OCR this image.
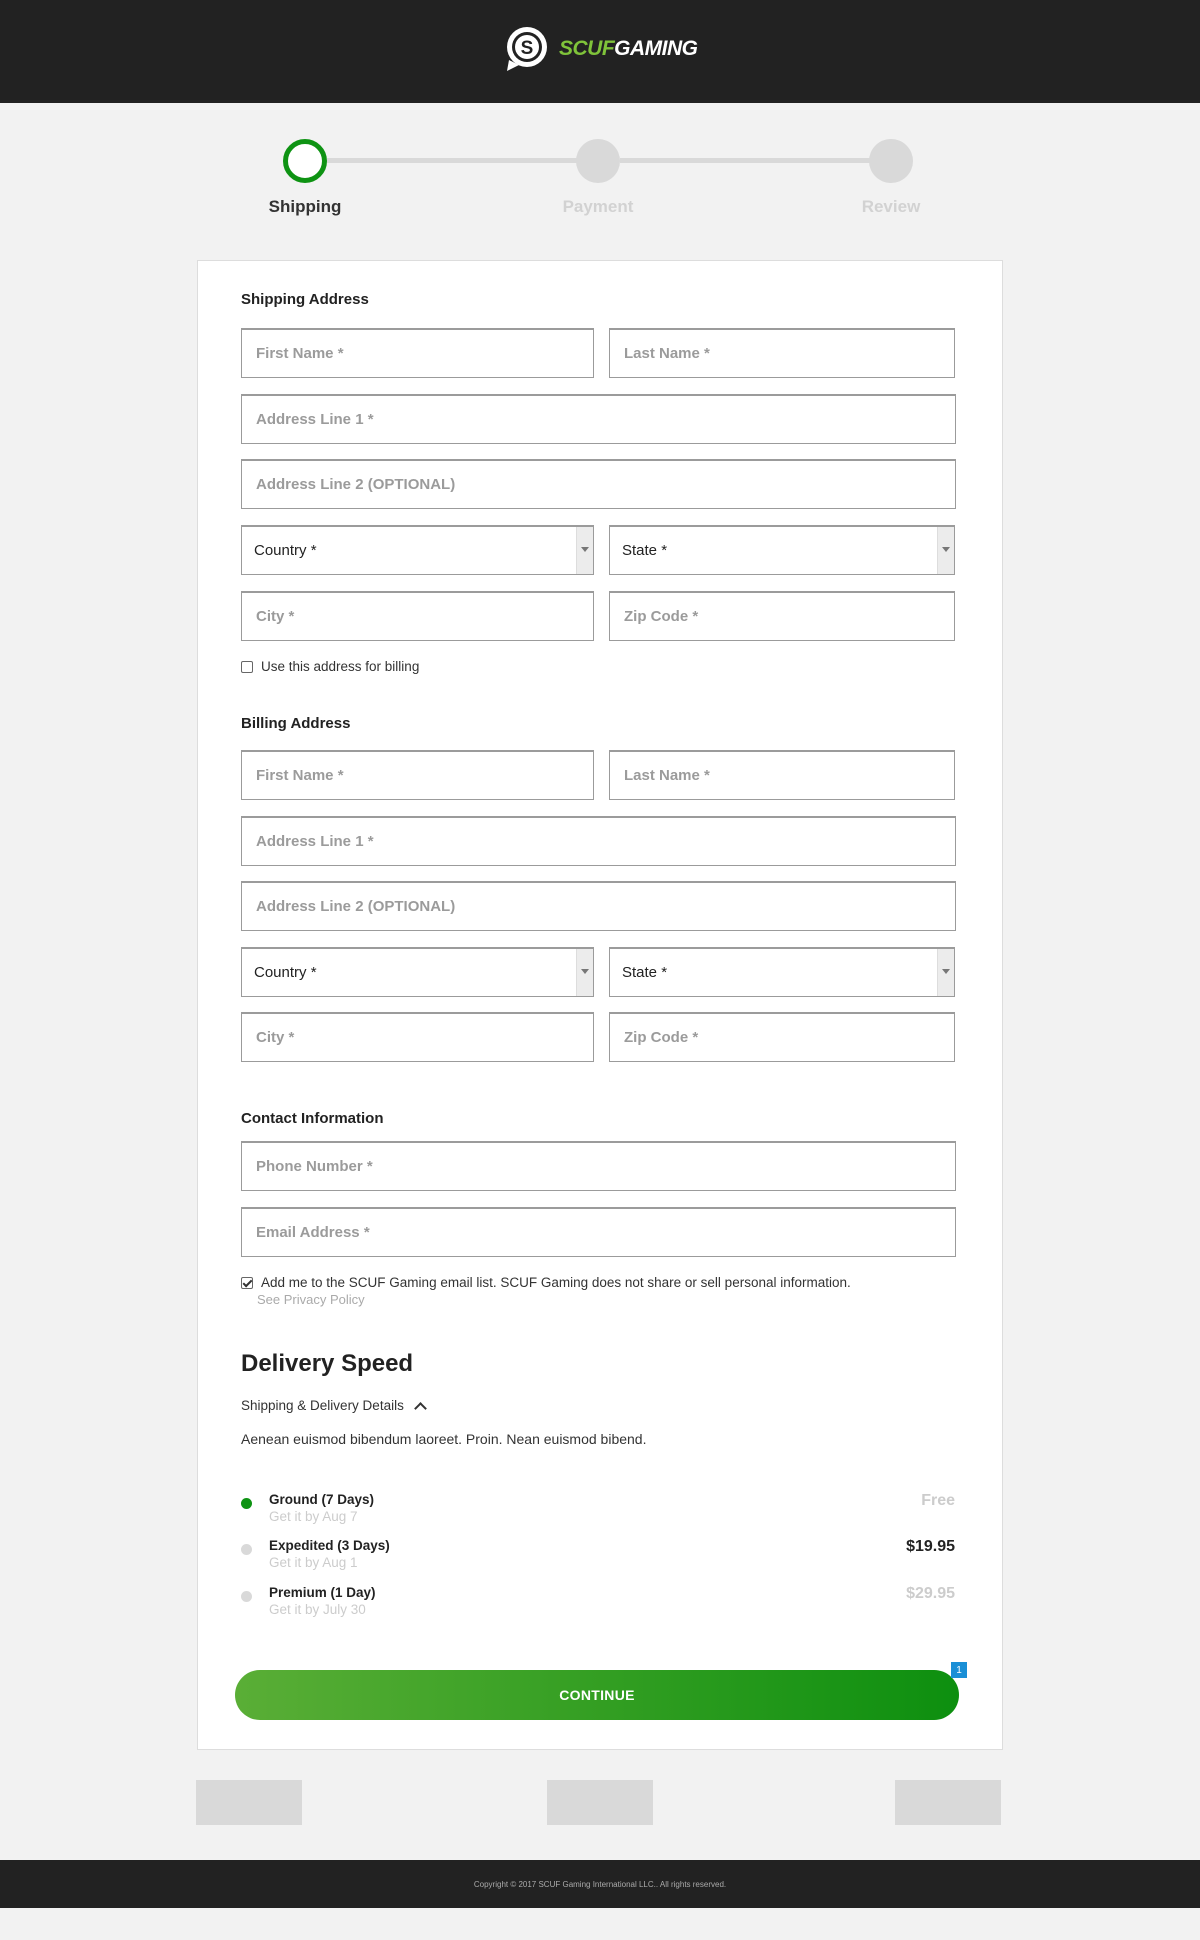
S SCUFGAMING
Shipping	Payment	Review
Shipping Address
First Name *	Last Name *
Address Line 1 *
Address Line 2 (OPTIONAL)
Country *	State *
City *	Zip Code *
Use this address for billing
Billing Address
First Name *	Last Name *
Address Line 1 *
Address Line 2 (OPTIONAL)
Country *	State *
City *	Zip Code *
Contact Information
Phone Number *
Email Address *
Add me to the SCUF Gaming email list. SCUF Gaming does not share or sell personal information.
See Privacy Policy
Delivery Speed
Shipping & Delivery Details
Aenean euismod bibendum laoreet. Proin. Nean euismod bibend.
Ground (7 Days)
Get it by Aug 7
Free
Expedited (3 Days)
Get it by Aug 1
$19.95
Premium (1 Day)
Get it by July 30
$29.95
CONTINUE
1
Copyright © 2017 SCUF Gaming International LLC.. All rights reserved.
